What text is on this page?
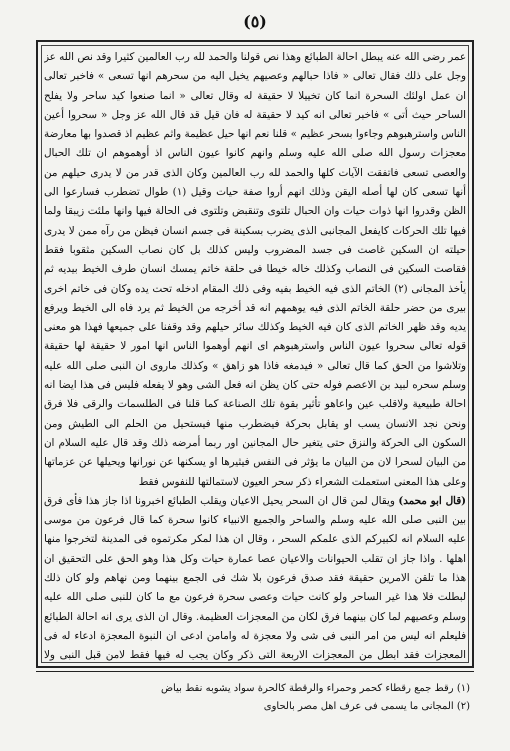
(٥)

عمر رضى الله عنه يبطل احالة الطبائع وهذا نص قولنا والحمد لله رب العالمين كثيرا وقد نص الله عز وجل على ذلك فقال تعالى « فاذا حبالهم وعصيهم يخيل اليه من سحرهم انها تسعى » فاخبر تعالى ان عمل اولئك السحرة انما كان تخييلا لا حقيقة له وقال تعالى « انما صنعوا كيد ساحر ولا يفلح الساحر حيث أتى » فاخبر تعالى انه كيد لا حقيقة له فان قيل قد قال الله عز وجل « سحروا أعين الناس واسترهبوهم وجاءوا بسحر عظيم » قلنا نعم انها حيل عظيمة واثم عظيم اذ قصدوا بها معارضة معجزات رسول الله صلى الله عليه وسلم وانهم كانوا عيون الناس اذ أوهموهم ان تلك الحبال والعصى تسعى فاتفقت الآيات كلها والحمد لله رب العالمين وكان الذى قدر من لا يدرى حيلهم من أنها تسعى كان لها أصله اليقن وذلك انهم أروا صفة حيات وقيل (١) طوال تضطرب فسارعوا الى الظن وقدروا انها ذوات حيات وان الحبال تلتوى وتنقبض وتلتوى فى الحالة فيها وانها ملئت زيبقا ولما فيها تلك الحركات كايفعل المجانبى الذى يضرب بسكينة فى جسم انسان فيظن من رآه ممن لا يدرى حيلته ان السكين غاصت فى جسد المضروب وليس كذلك بل كان نصاب السكين مثقوبا فقط فقاصت السكين فى النصاب وكذلك خاله خيطا فى حلقة خاتم يمسك انسان طرف الخيط بيديه ثم يأخذ المجانى (٢) الخاتم الذى فيه الخيط بفيه وفى ذلك المقام ادخله تحت يده وكان فى خاتم اخرى بيرى من حضر حلقة الخاتم الذى فيه يوهمهم انه قد أخرجه من الخيط ثم يرد فاه الى الخيط ويرفع يديه وقد ظهر الخاتم الذى كان فيه الخيط وكذلك سائر حيلهم وقد وقفنا على جميعها فهذا هو معنى قوله تعالى سحروا عيون الناس واسترهبوهم اى انهم أوهموا الناس انها امور لا حقيقة لها حقيقة وتلاشوا من الحق كما قال تعالى « فيدمغه فاذا هو زاهق » وكذلك ماروى ان النبى صلى الله عليه وسلم سحره لبيد بن الاعصم فوله حتى كان يظن انه فعل الشى وهو لا يفعله فليس فى هذا ايضا انه احالة طبيعية ولاقلب عين واعاهو تأثير بقوة تلك الصناعة كما قلنا فى الطلسمات والرقى فلا فرق ونحن نجد الانسان يسب او يقابل بحركة فيضطرب منها فيستحيل من الحلم الى الطيش ومن السكون الى الحركة والنزق حتى يتغير حال المجانين اور ربما أمرضه ذلك وقد قال عليه السلام ان من البيان لسحرا لان من البيان ما يؤثر فى النفس فيثيرها او يسكنها عن نورانها ويحيلها عن عزماتها وعلى هذا المعنى استعملت الشعراء ذكر سحر العيون لاستمالتها للنفوس فقط

(قال ابو محمد) ويقال لمن قال ان السحر يحيل الاعيان ويقلب الطبائع اخبرونا اذا جاز هذا فأى فرق بين النبى صلى الله عليه وسلم والساحر والجميع الانبياء كانوا سحرة كما قال فرعون من موسى عليه السلام انه لكبيركم الذى علمكم السحر ، وقال ان هذا لمكر مكرتموه فى المدينة لتخرجوا منها اهلها . واذا جاز ان تقلب الحيوانات والاعيان عصا عمارة حيات وكل هذا وهو الحق على التحقيق ان هذا ما تلقن الامرين حقيقة فقد صدق فرعون بلا شك فى الجمع بينهما ومن نهاهم ولو كان ذلك لبطلت فلا هذا غير الساحر ولو كانت حيات وعصى سحرة فرعون مع ما كان للنبى صلى الله عليه وسلم وعصيهم لما كان بينهما فرق لكان من المعجزات العظيمة. وقال ان الذى يرى انه احالة الطبائع فليعلم انه ليس من امر النبى فى شى ولا معجزة له وامامن ادعى ان النبوة المعجزة ادعاء له فى المعجزات فقد ابطل من المعجزات الاربعة التى ذكر وكان يجب له فيها فقط لامن قبل النبى ولا

(١) رقط جمع رقطاء كحمر وحمراء والرقطة كالحرة سواد يشوبه نقط بياض
(٢) المجانى ما يسمى فى عرف اهل مصر بالحاوى
